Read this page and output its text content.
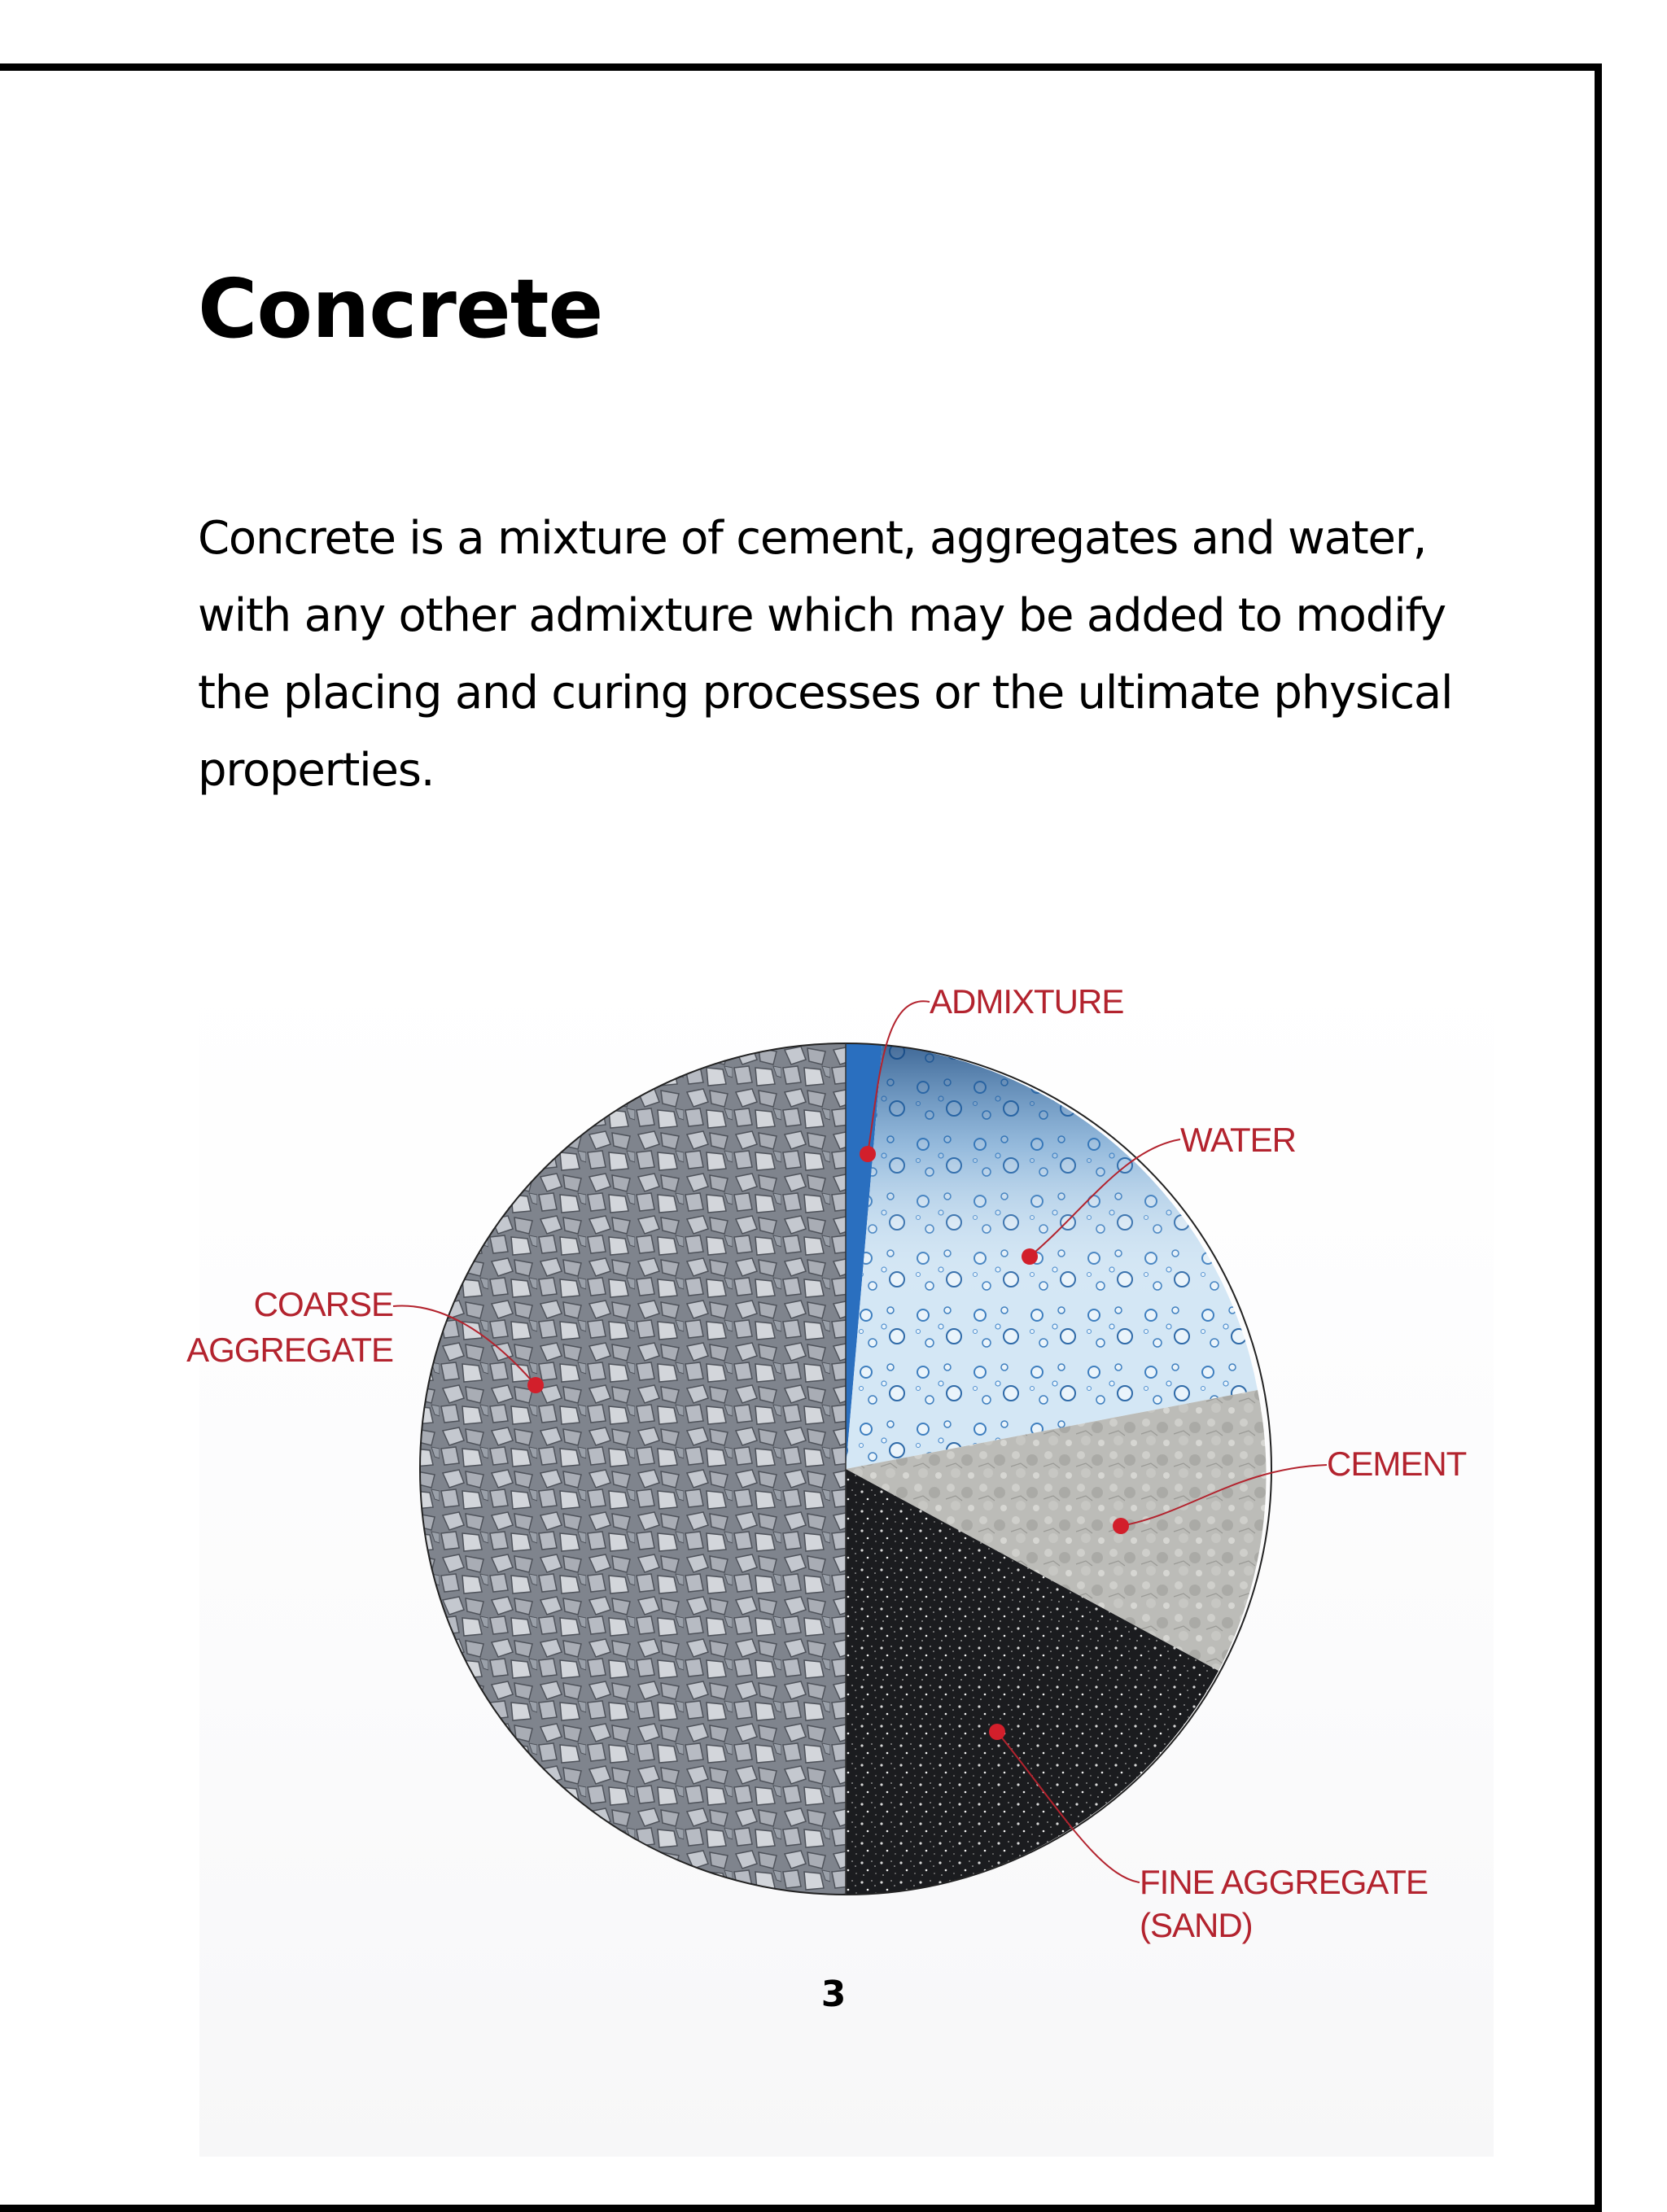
Concrete

Concrete is a mixture of cement, aggregates and water, with any other admixture which may be added to modify the placing and curing processes or the ultimate physical properties.

ADMIXTURE
WATER
CEMENT
FINE AGGREGATE
(SAND)
COARSE
AGGREGATE
3
